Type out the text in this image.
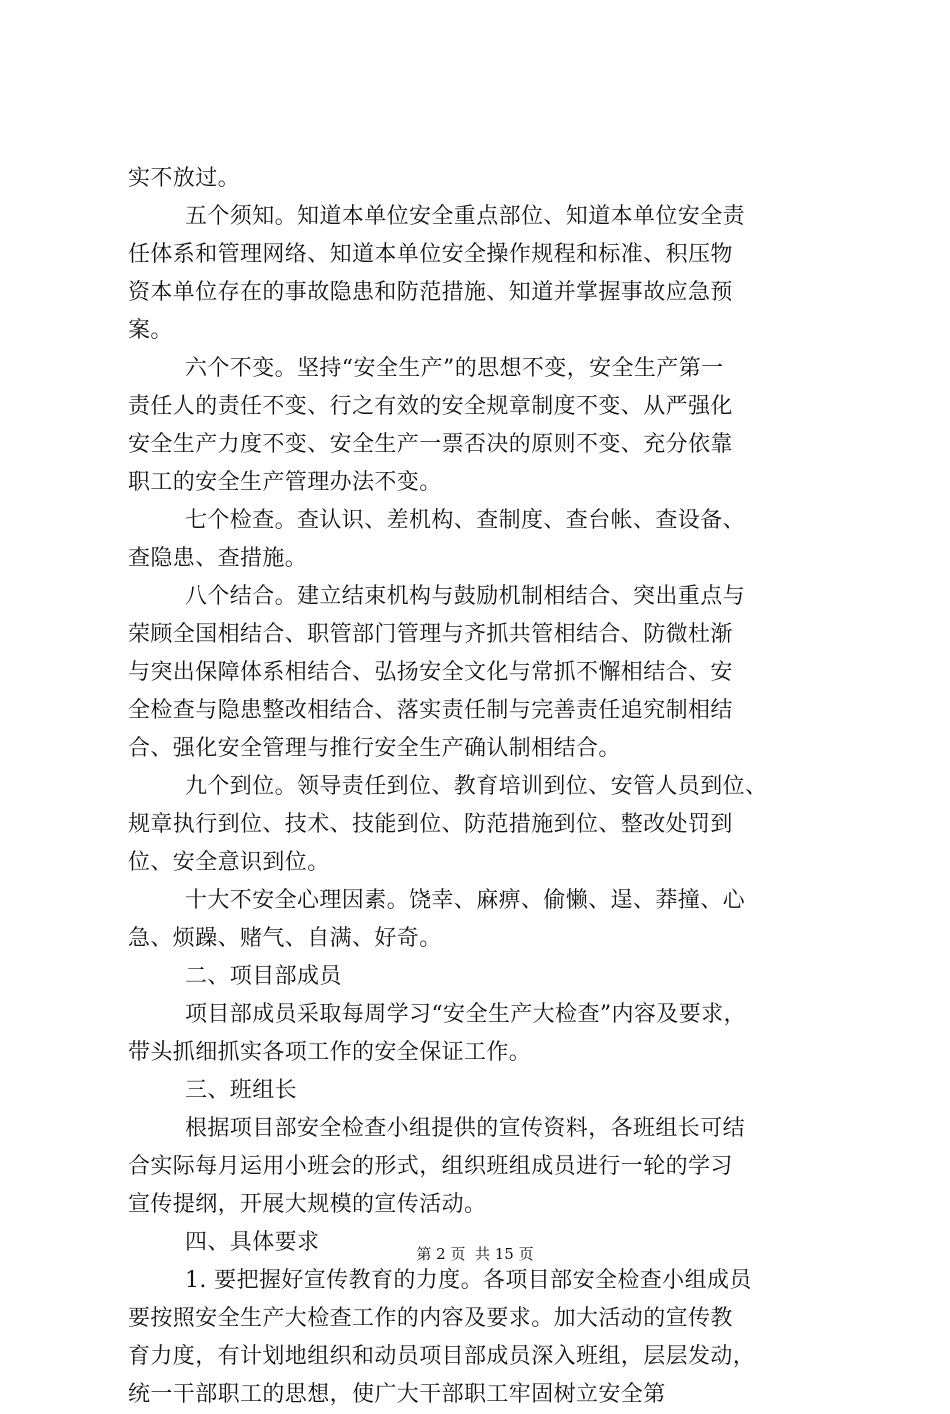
实不放过。
五个须知。知道本单位安全重点部位、知道本单位安全责
任体系和管理网络、知道本单位安全操作规程和标准、积压物
资本单位存在的事故隐患和防范措施、知道并掌握事故应急预
案。
六个不变。坚持“安全生产”的思想不变，安全生产第一
责任人的责任不变、行之有效的安全规章制度不变、从严强化
安全生产力度不变、安全生产一票否决的原则不变、充分依靠
职工的安全生产管理办法不变。
七个检查。查认识、差机构、查制度、查台帐、查设备、
查隐患、查措施。
八个结合。建立结束机构与鼓励机制相结合、突出重点与
荣顾全国相结合、职管部门管理与齐抓共管相结合、防微杜渐
与突出保障体系相结合、弘扬安全文化与常抓不懈相结合、安
全检查与隐患整改相结合、落实责任制与完善责任追究制相结
合、强化安全管理与推行安全生产确认制相结合。
九个到位。领导责任到位、教育培训到位、安管人员到位、
规章执行到位、技术、技能到位、防范措施到位、整改处罚到
位、安全意识到位。
十大不安全心理因素。饶幸、麻痹、偷懒、逞、莽撞、心
急、烦躁、赌气、自满、好奇。
二、项目部成员
项目部成员采取每周学习“安全生产大检查”内容及要求，
带头抓细抓实各项工作的安全保证工作。
三、班组长
根据项目部安全检查小组提供的宣传资料，各班组长可结
合实际每月运用小班会的形式，组织班组成员进行一轮的学习
宣传提纲，开展大规模的宣传活动。
四、具体要求
1. 要把握好宣传教育的力度。各项目部安全检查小组成员
要按照安全生产大检查工作的内容及要求。加大活动的宣传教
育力度，有计划地组织和动员项目部成员深入班组，层层发动，
统一干部职工的思想，使广大干部职工牢固树立安全第
第 2 页  共 15 页
